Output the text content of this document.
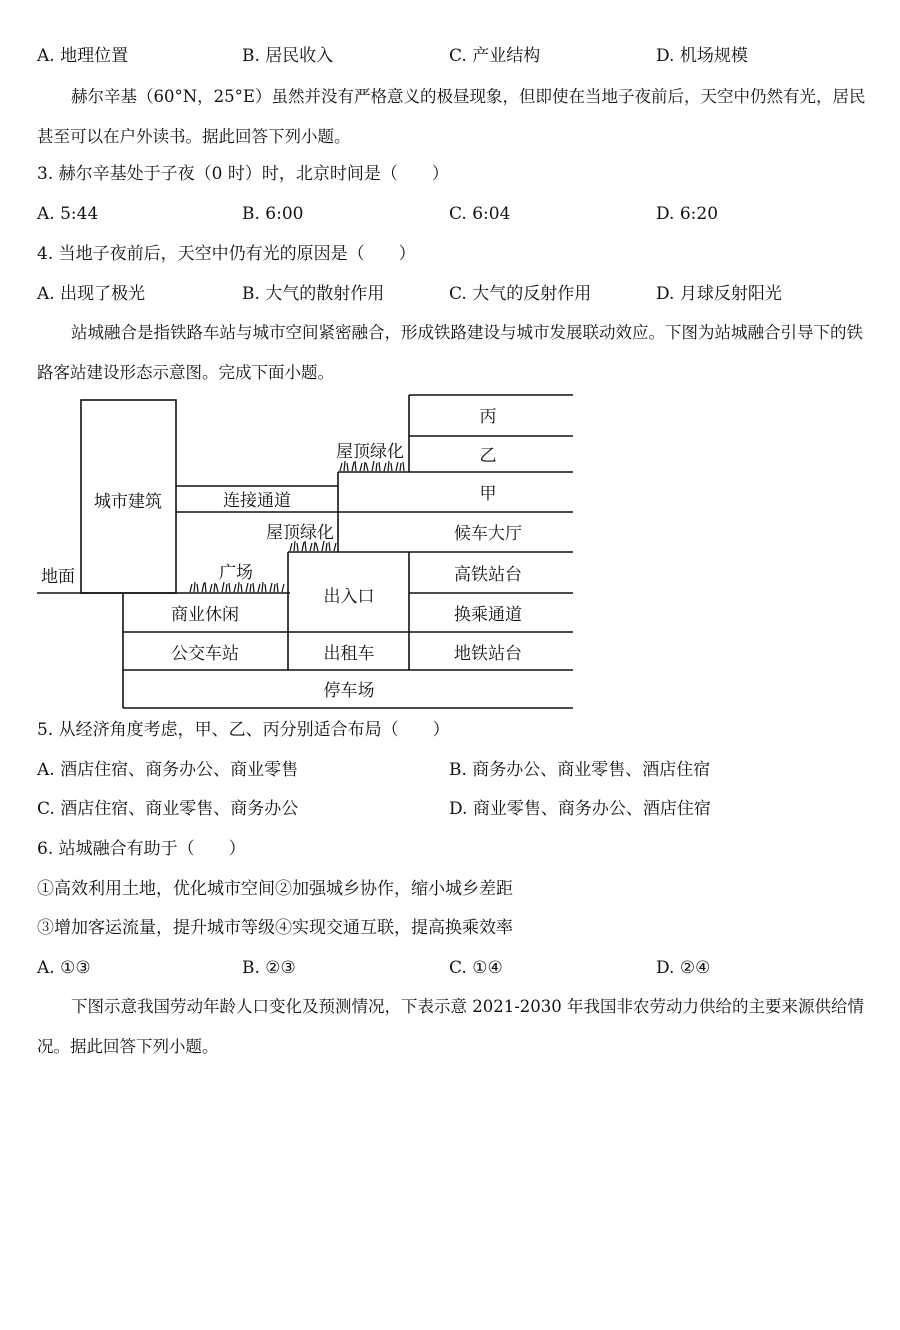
A. 地理位置	B. 居民收入	C. 产业结构	D. 机场规模
赫尔辛基（60°N，25°E）虽然并没有严格意义的极昼现象，但即使在当地子夜前后，天空中仍然有光，居民甚至可以在户外读书。据此回答下列小题。
3. 赫尔辛基处于子夜（0 时）时，北京时间是（　　）
A. 5:44	B. 6:00	C. 6:04	D. 6:20
4. 当地子夜前后，天空中仍有光的原因是（　　）
A. 出现了极光	B. 大气的散射作用	C. 大气的反射作用	D. 月球反射阳光
站城融合是指铁路车站与城市空间紧密融合，形成铁路建设与城市发展联动效应。下图为站城融合引导下的铁路客站建设形态示意图。完成下面小题。
城市建筑
地面
连接通道
屋顶绿化
屋顶绿化
广场
丙
乙
甲
候车大厅
高铁站台
出入口
商业休闲	换乘通道
公交车站	出租车	地铁站台
停车场
5. 从经济角度考虑，甲、乙、丙分别适合布局（　　）
A. 酒店住宿、商务办公、商业零售	B. 商务办公、商业零售、酒店住宿
C. 酒店住宿、商业零售、商务办公	D. 商业零售、商务办公、酒店住宿
6. 站城融合有助于（　　）
①高效利用土地，优化城市空间②加强城乡协作，缩小城乡差距
③增加客运流量，提升城市等级④实现交通互联，提高换乘效率
A. ①③	B. ②③	C. ①④	D. ②④
下图示意我国劳动年龄人口变化及预测情况，下表示意 2021-2030 年我国非农劳动力供给的主要来源供给情况。据此回答下列小题。
